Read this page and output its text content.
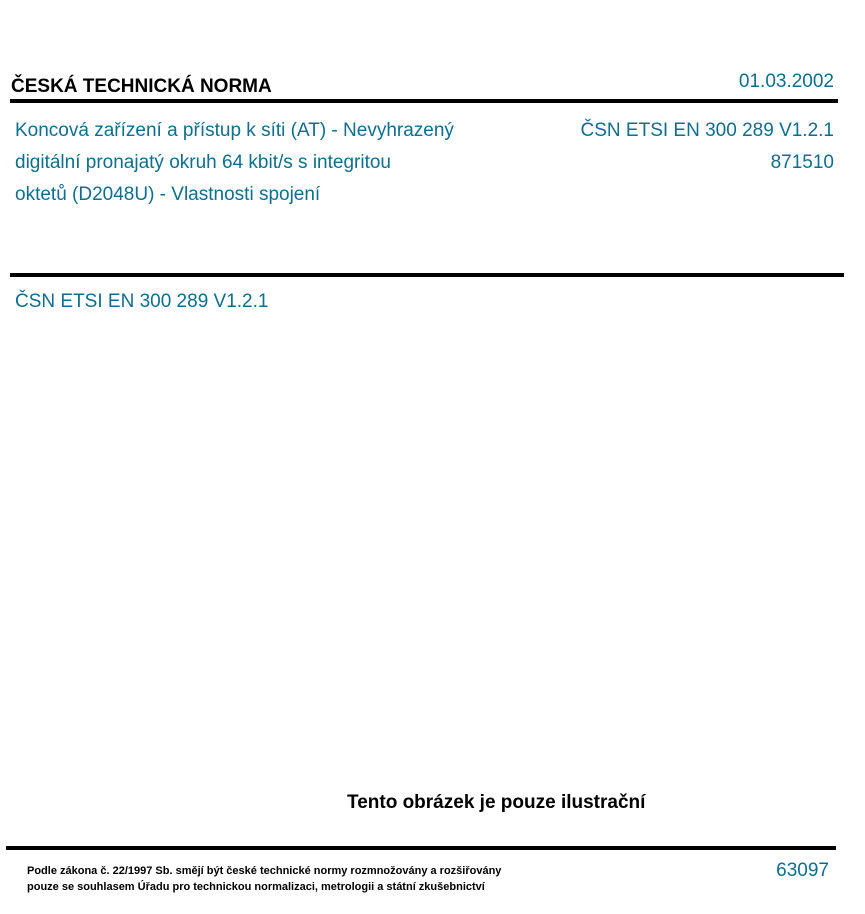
ČESKÁ TECHNICKÁ NORMA	01.03.2002
Koncová zařízení a přístup k síti (AT) - Nevyhrazený
digitální pronajatý okruh 64 kbit/s s integritou
oktetů (D2048U) - Vlastnosti spojení
ČSN ETSI EN 300 289 V1.2.1
871510
ČSN ETSI EN 300 289 V1.2.1
Tento obrázek je pouze ilustrační
Podle zákona č. 22/1997 Sb. smějí být české technické normy rozmnožovány a rozšiřovány
pouze se souhlasem Úřadu pro technickou normalizaci, metrologii a státní zkušebnictví
63097
